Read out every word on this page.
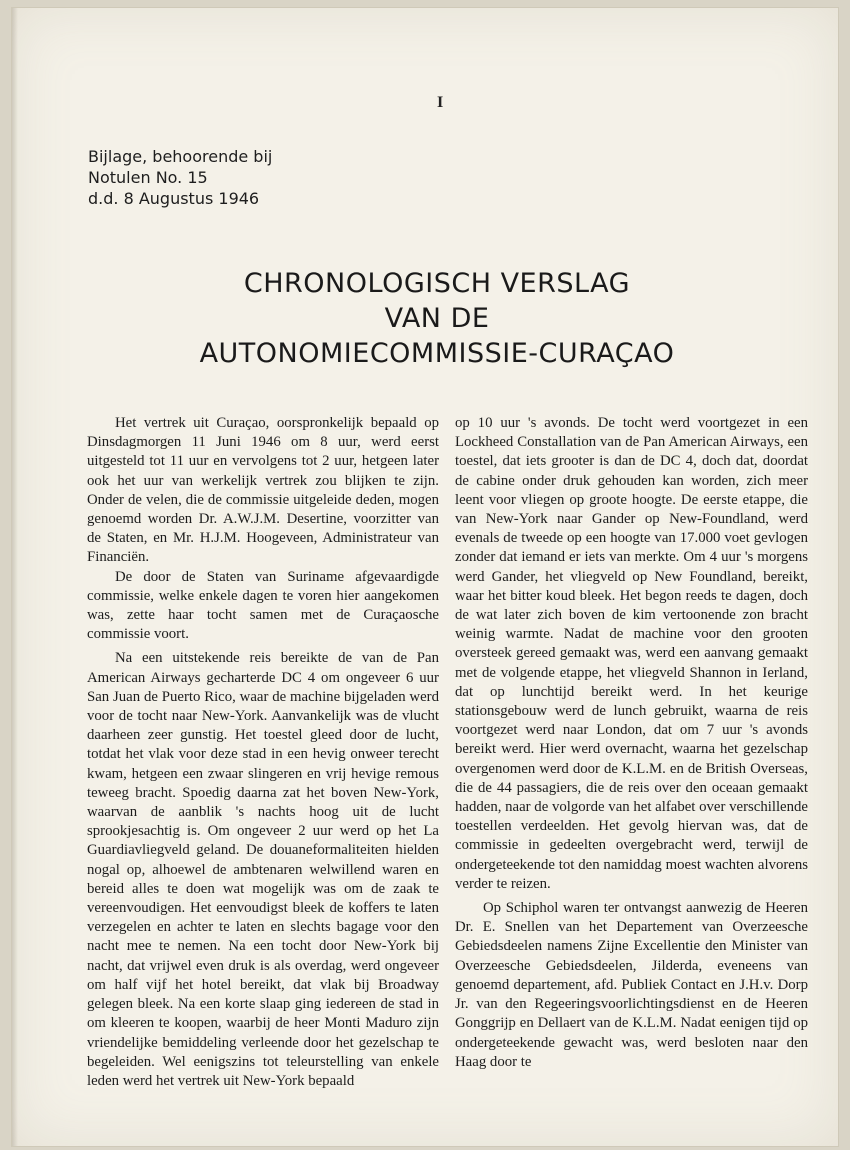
I
Bijlage, behoorende bij
Notulen No. 15
d.d. 8 Augustus 1946
CHRONOLOGISCH VERSLAG
VAN DE
AUTONOMIECOMMISSIE-CURAÇAO

Het vertrek uit Curaçao, oorspronkelijk bepaald op Dinsdagmorgen 11 Juni 1946 om 8 uur, werd eerst uitgesteld tot 11 uur en vervolgens tot 2 uur, hetgeen later ook het uur van werkelijk vertrek zou blijken te zijn. Onder de velen, die de commissie uitgeleide deden, mogen genoemd worden Dr. A.W.J.M. Desertine, voorzitter van de Staten, en Mr. H.J.M. Hoogeveen, Administrateur van Financiën.

De door de Staten van Suriname afgevaardigde commissie, welke enkele dagen te voren hier aangekomen was, zette haar tocht samen met de Curaçaosche commissie voort.

Na een uitstekende reis bereikte de van de Pan American Airways gecharterde DC 4 om ongeveer 6 uur San Juan de Puerto Rico, waar de machine bijgeladen werd voor de tocht naar New-York. Aanvankelijk was de vlucht daarheen zeer gunstig. Het toestel gleed door de lucht, totdat het vlak voor deze stad in een hevig onweer terecht kwam, hetgeen een zwaar slingeren en vrij hevige remous teweeg bracht. Spoedig daarna zat het boven New-York, waarvan de aanblik 's nachts hoog uit de lucht sprookjesachtig is. Om ongeveer 2 uur werd op het La Guardiavliegveld geland. De douaneformaliteiten hielden nogal op, alhoewel de ambtenaren welwillend waren en bereid alles te doen wat mogelijk was om de zaak te vereenvoudigen. Het eenvoudigst bleek de koffers te laten verzegelen en achter te laten en slechts bagage voor den nacht mee te nemen. Na een tocht door New-York bij nacht, dat vrijwel even druk is als overdag, werd ongeveer om half vijf het hotel bereikt, dat vlak bij Broadway gelegen bleek. Na een korte slaap ging iedereen de stad in om kleeren te koopen, waarbij de heer Monti Maduro zijn vriendelijke bemiddeling verleende door het gezelschap te begeleiden. Wel eenigszins tot teleurstelling van enkele leden werd het vertrek uit New-York bepaald

op 10 uur 's avonds. De tocht werd voortgezet in een Lockheed Constallation van de Pan American Airways, een toestel, dat iets grooter is dan de DC 4, doch dat, doordat de cabine onder druk gehouden kan worden, zich meer leent voor vliegen op groote hoogte. De eerste etappe, die van New-York naar Gander op New-Foundland, werd evenals de tweede op een hoogte van 17.000 voet gevlogen zonder dat iemand er iets van merkte. Om 4 uur 's morgens werd Gander, het vliegveld op New Foundland, bereikt, waar het bitter koud bleek. Het begon reeds te dagen, doch de wat later zich boven de kim vertoonende zon bracht weinig warmte. Nadat de machine voor den grooten oversteek gereed gemaakt was, werd een aanvang gemaakt met de volgende etappe, het vliegveld Shannon in Ierland, dat op lunchtijd bereikt werd. In het keurige stationsgebouw werd de lunch gebruikt, waarna de reis voortgezet werd naar London, dat om 7 uur 's avonds bereikt werd. Hier werd overnacht, waarna het gezelschap overgenomen werd door de K.L.M. en de British Overseas, die de 44 passagiers, die de reis over den oceaan gemaakt hadden, naar de volgorde van het alfabet over verschillende toestellen verdeelden. Het gevolg hiervan was, dat de commissie in gedeelten overgebracht werd, terwijl de ondergeteekende tot den namiddag moest wachten alvorens verder te reizen.

Op Schiphol waren ter ontvangst aanwezig de Heeren Dr. E. Snellen van het Departement van Overzeesche Gebiedsdeelen namens Zijne Excellentie den Minister van Overzeesche Gebiedsdeelen, Jilderda, eveneens van genoemd departement, afd. Publiek Contact en J.H.v. Dorp Jr. van den Regeeringsvoorlichtingsdienst en de Heeren Gonggrijp en Dellaert van de K.L.M. Nadat eenigen tijd op ondergeteekende gewacht was, werd besloten naar den Haag door te
